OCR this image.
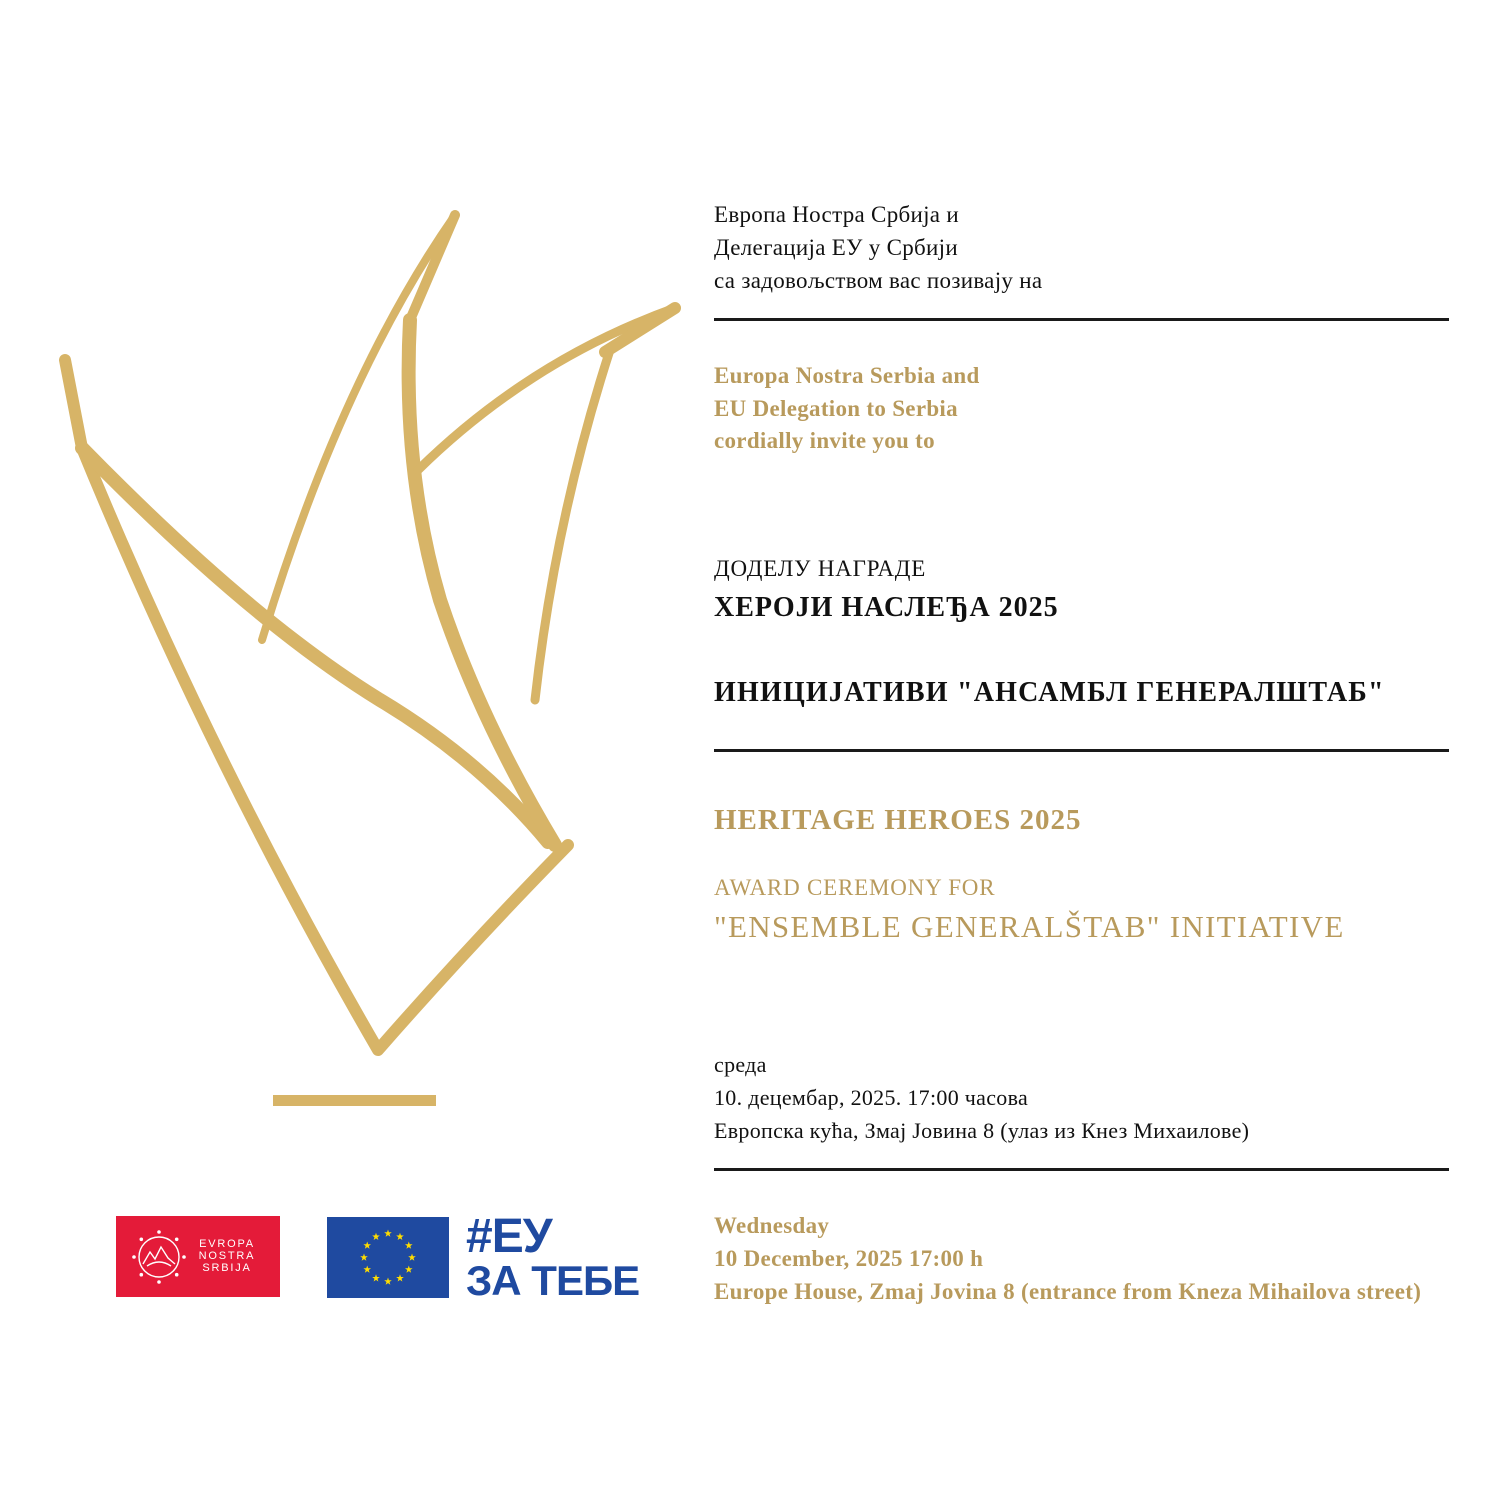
Европа Ностра Србија и
Делегација ЕУ у Србији
са задовољством вас позивају на
Europa Nostra Serbia and
EU Delegation to Serbia
cordially invite you to
ДОДЕЛУ НАГРАДЕ
ХЕРОЈИ НАСЛЕЂА 2025
ИНИЦИЈАТИВИ "АНСАМБЛ ГЕНЕРАЛШТАБ"
HERITAGE HEROES 2025
AWARD CEREMONY FOR
"ENSEMBLE GENERALŠTAB" INITIATIVE
среда
10. децембар, 2025. 17:00 часова
Европска кућа, Змај Јовина 8 (улаз из Кнез Михаилове)
Wednesday
10 December, 2025 17:00 h
Europe House, Zmaj Jovina 8 (entrance from Kneza Mihailova street)
EVROPA
NOSTRA
SRBIJA
#ЕУ
ЗА ТЕБЕ
